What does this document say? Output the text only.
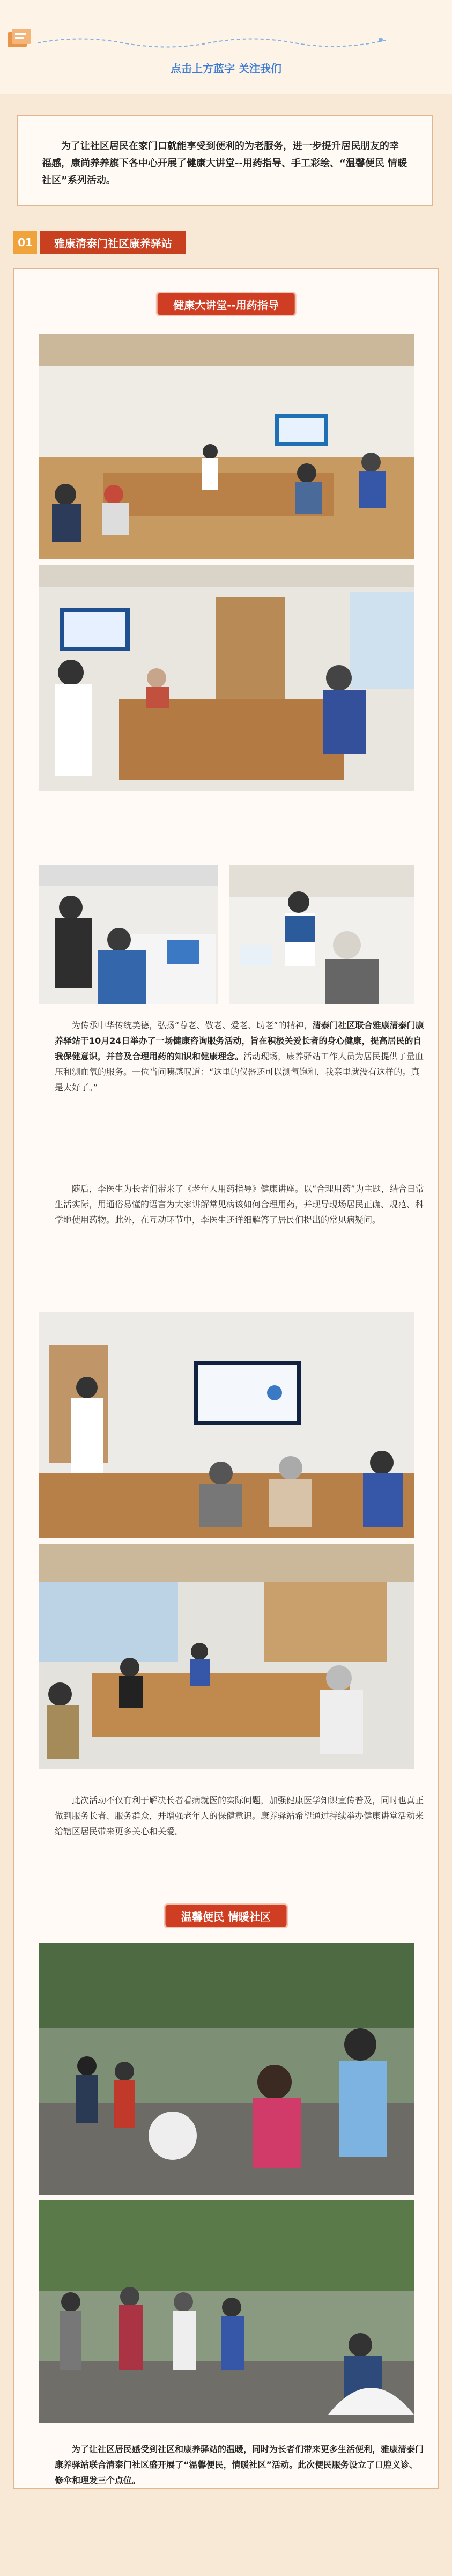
点击上方蓝字 关注我们

为了让社区居民在家门口就能享受到便利的为老服务，进一步提升居民朋友的幸福感，康尚养养旗下各中心开展了健康大讲堂--用药指导、手工彩绘、“温馨便民 情暖社区”系列活动。

01	雅康清泰门社区康养驿站
健康大讲堂--用药指导

为传承中华传统美德，弘扬“尊老、敬老、爱老、助老”的精神，清泰门社区联合雅康清泰门康养驿站于10月24日举办了一场健康咨询服务活动，旨在积极关爱长者的身心健康，提高居民的自我保健意识，并普及合理用药的知识和健康理念。活动现场，康养驿站工作人员为居民提供了量血压和测血氧的服务。一位当问咦感叹道：“这里的仪器还可以测氧饱和，我亲里就没有这样的。真是太好了。”

随后，李医生为长者们带来了《老年人用药指导》健康讲座。以“合理用药”为主题，结合日常生活实际，用通俗易懂的语言为大家讲解常见病该如何合理用药，并现导现场居民正确、规范、科学地使用药物。此外，在互动环节中，李医生还详细解答了居民们提出的常见病疑问。

此次活动不仅有利于解决长者看病就医的实际问题，加强健康医学知识宣传普及，同时也真正做到服务长者、服务群众，并增强老年人的保健意识。康养驿站希望通过持续举办健康讲堂活动来给辖区居民带来更多关心和关爱。

温馨便民 情暖社区

为了让社区居民感受到社区和康养驿站的温暖，同时为长者们带来更多生活便利，雅康清泰门康养驿站联合清泰门社区盛开展了“温馨便民，情暖社区”活动。此次便民服务设立了口腔义诊、修伞和理发三个点位。
